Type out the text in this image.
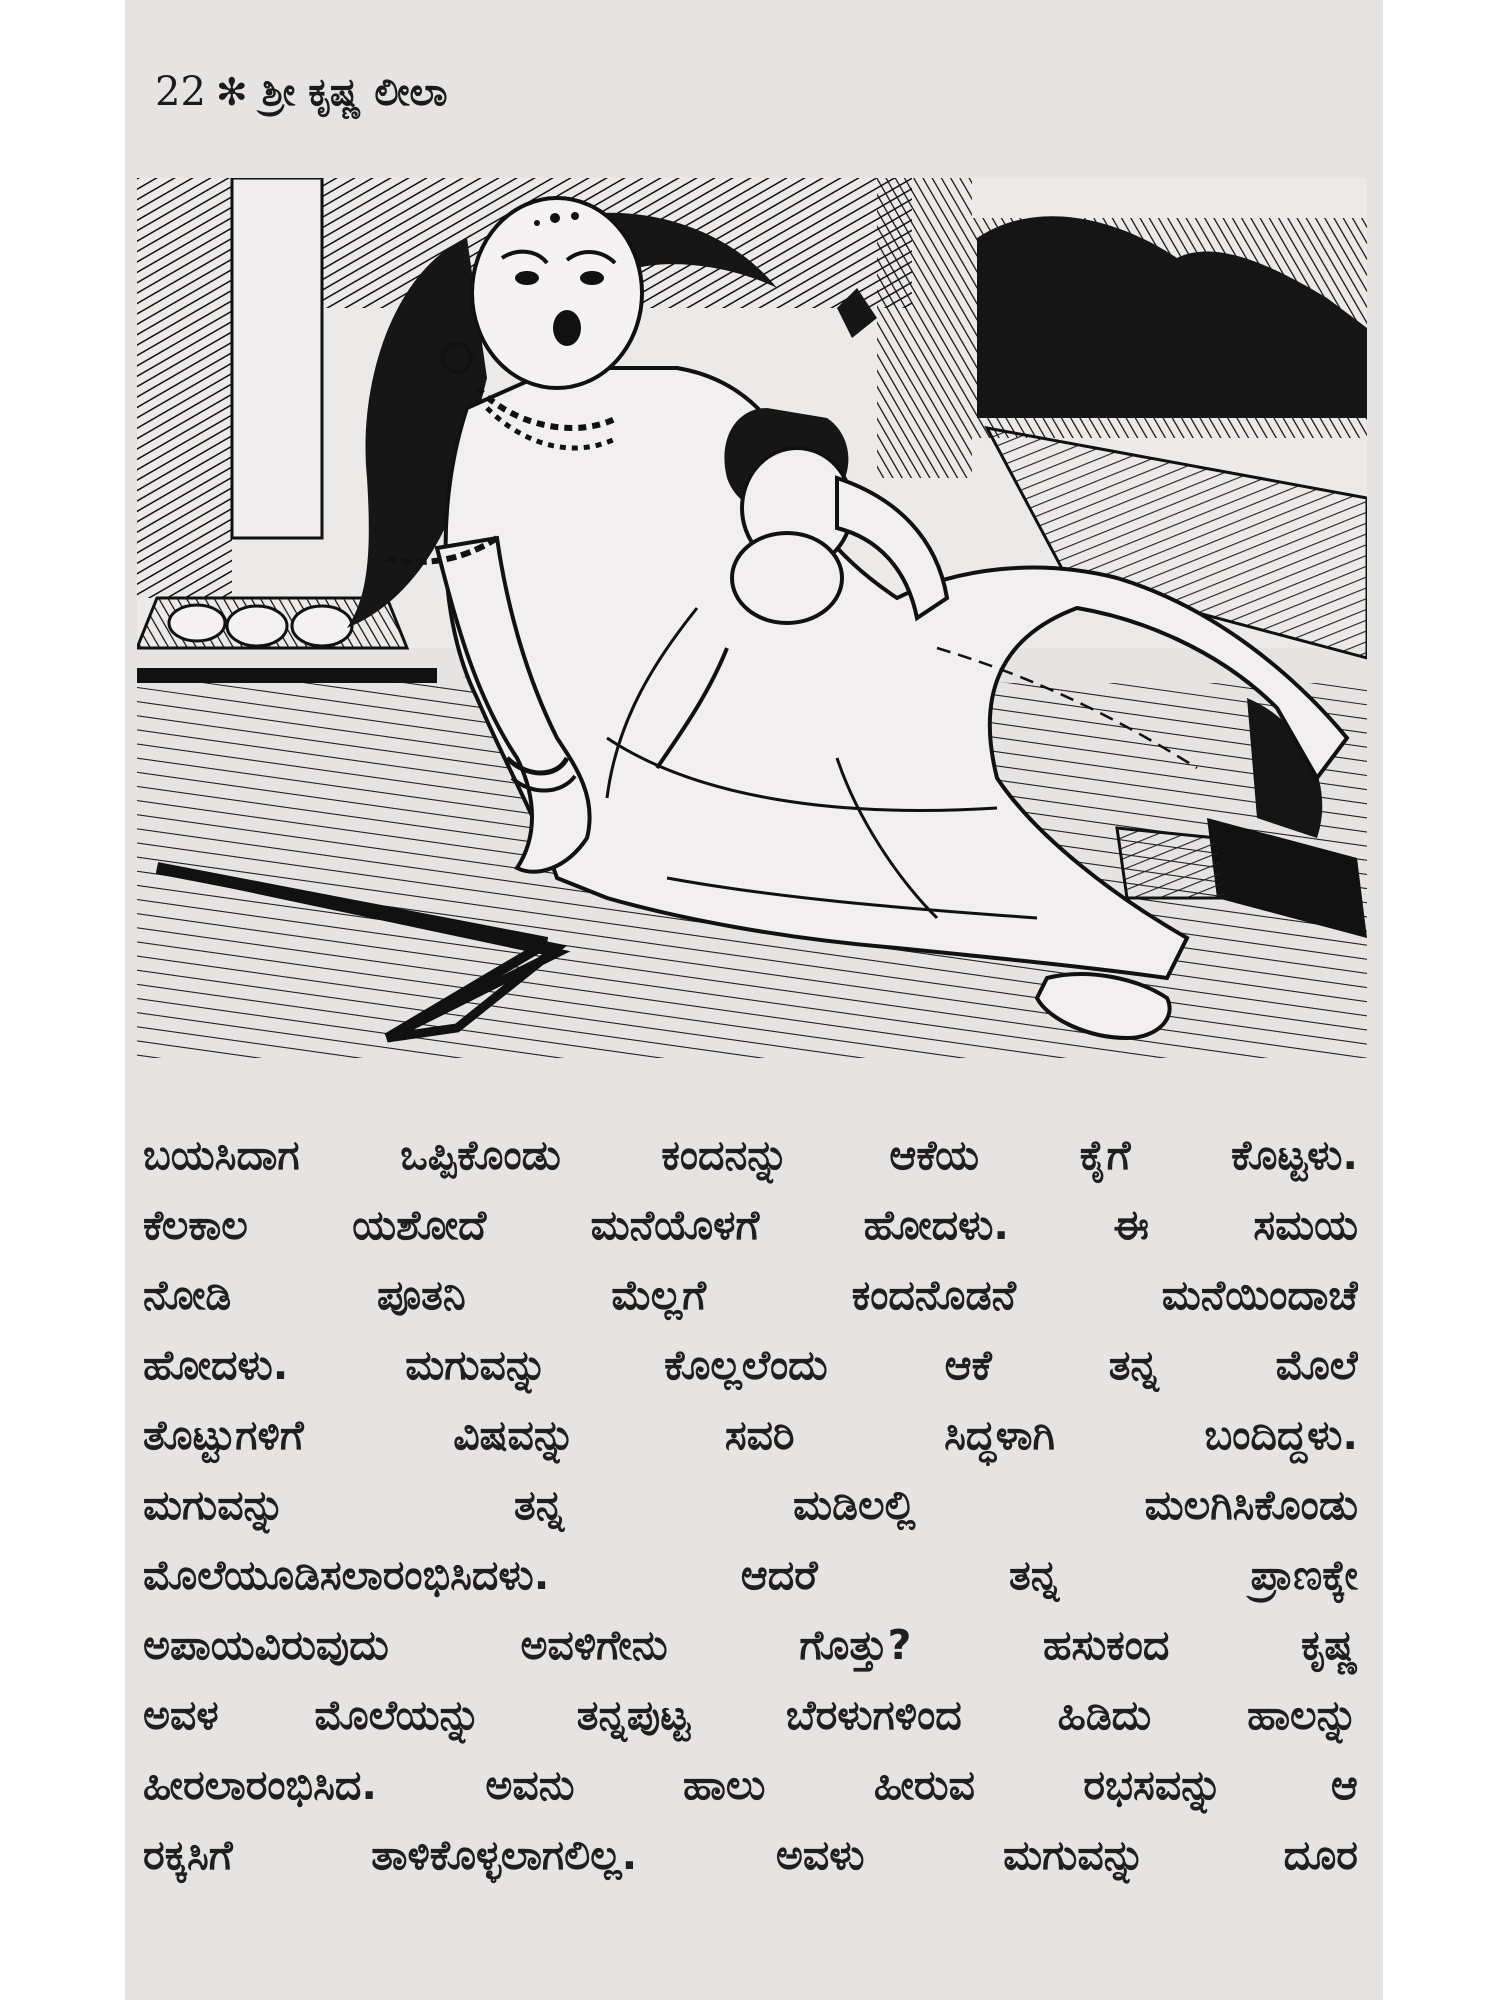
22 ✻ ಶ್ರೀ ಕೃಷ್ಣ ಲೀಲಾ
ಬಯಸಿದಾಗ ಒಪ್ಪಿಕೊಂಡು ಕಂದನನ್ನು ಆಕೆಯ ಕೈಗೆ ಕೊಟ್ಟಳು.
ಕೆಲಕಾಲ ಯಶೋದೆ ಮನೆಯೊಳಗೆ ಹೋದಳು. ಈ ಸಮಯ
ನೋಡಿ ಪೂತನಿ ಮೆಲ್ಲಗೆ ಕಂದನೊಡನೆ ಮನೆಯಿಂದಾಚೆ
ಹೋದಳು. ಮಗುವನ್ನು ಕೊಲ್ಲಲೆಂದು ಆಕೆ ತನ್ನ ಮೊಲೆ
ತೊಟ್ಟುಗಳಿಗೆ ವಿಷವನ್ನು ಸವರಿ ಸಿದ್ಧಳಾಗಿ ಬಂದಿದ್ದಳು.
ಮಗುವನ್ನು ತನ್ನ ಮಡಿಲಲ್ಲಿ ಮಲಗಿಸಿಕೊಂಡು
ಮೊಲೆಯೂಡಿಸಲಾರಂಭಿಸಿದಳು. ಆದರೆ ತನ್ನ ಪ್ರಾಣಕ್ಕೇ
ಅಪಾಯವಿರುವುದು ಅವಳಿಗೇನು ಗೊತ್ತು? ಹಸುಕಂದ ಕೃಷ್ಣ
ಅವಳ ಮೊಲೆಯನ್ನು ತನ್ನಪುಟ್ಟ ಬೆರಳುಗಳಿಂದ ಹಿಡಿದು ಹಾಲನ್ನು
ಹೀರಲಾರಂಭಿಸಿದ. ಅವನು ಹಾಲು ಹೀರುವ ರಭಸವನ್ನು ಆ
ರಕ್ಕಸಿಗೆ ತಾಳಿಕೊಳ್ಳಲಾಗಲಿಲ್ಲ. ಅವಳು ಮಗುವನ್ನು ದೂರ
